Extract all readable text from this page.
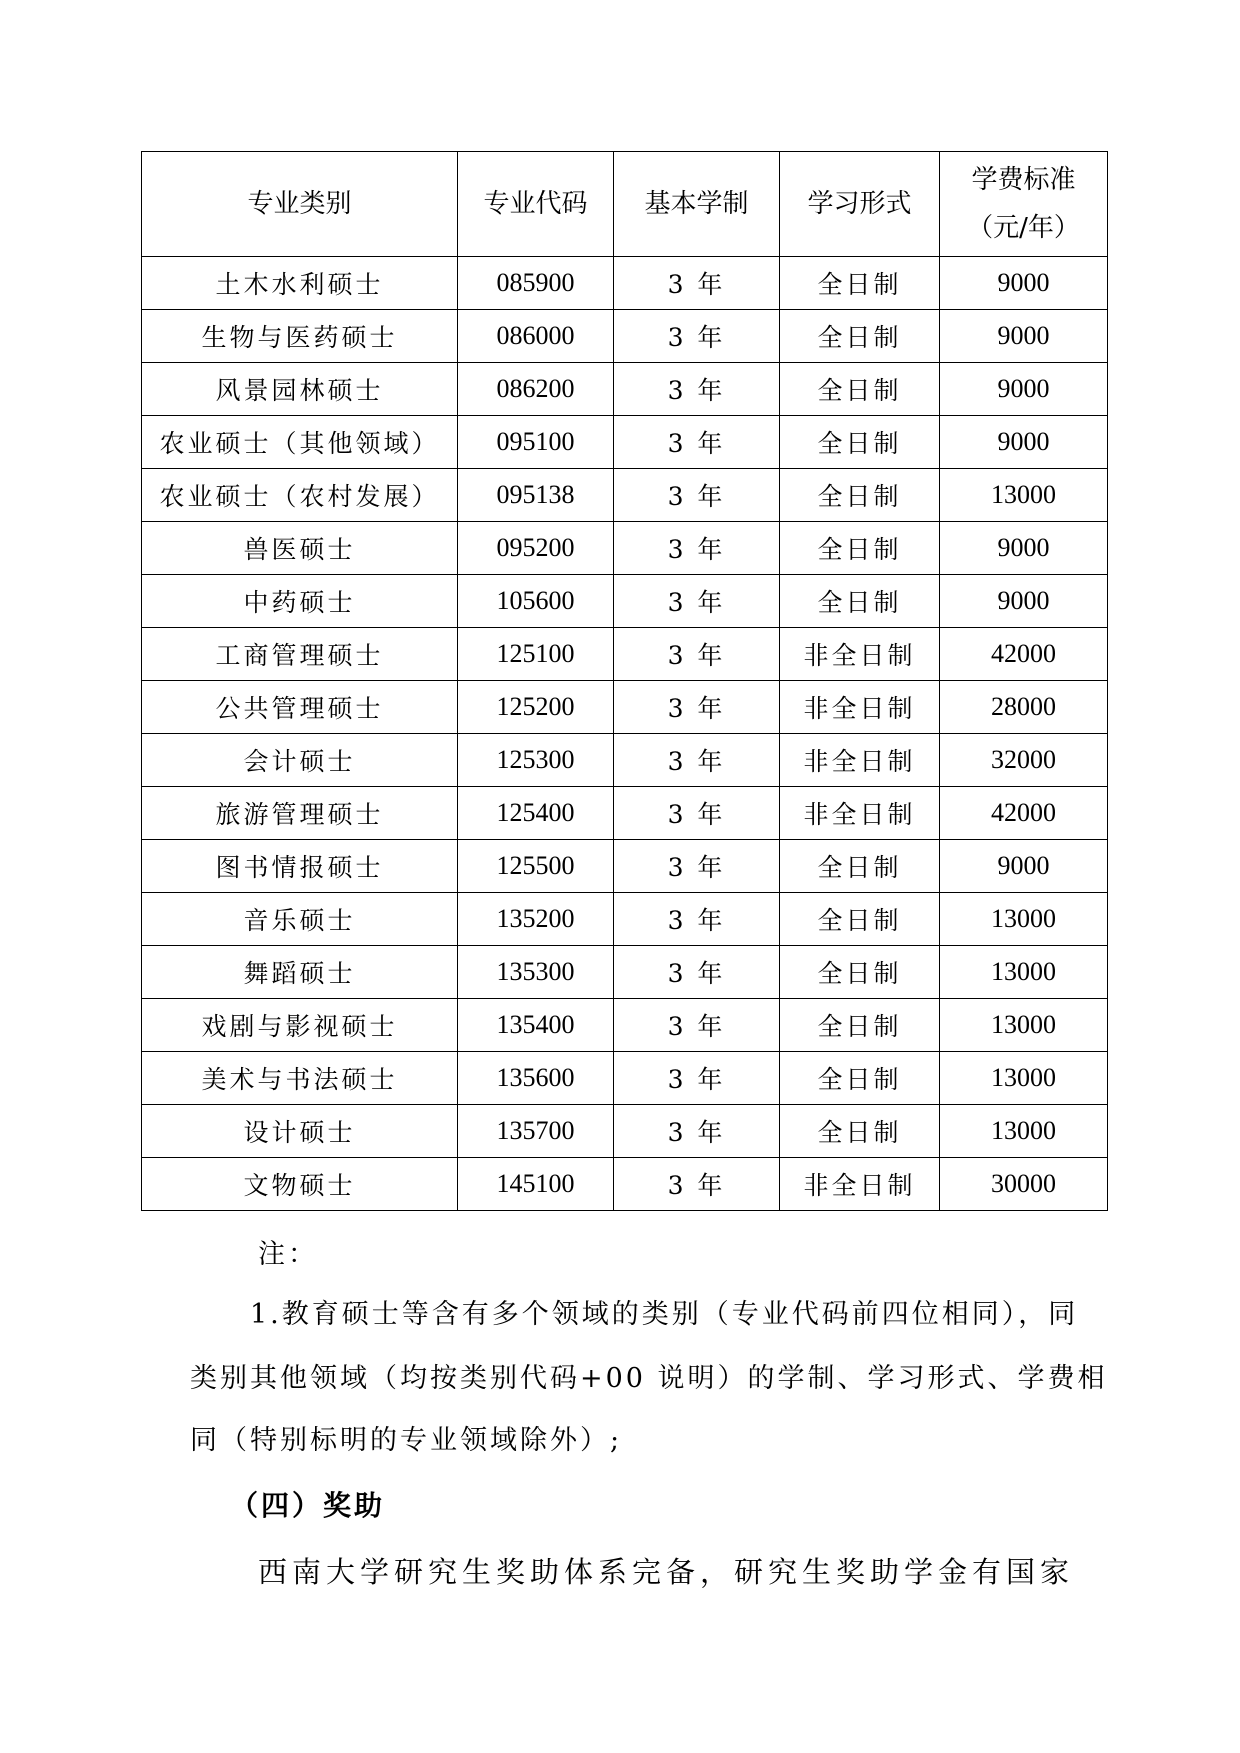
专业类别	专业代码	基本学制	学习形式	学费标准
（元/年）
土木水利硕士	085900	3 年	全日制	9000
生物与医药硕士	086000	3 年	全日制	9000
风景园林硕士	086200	3 年	全日制	9000
农业硕士（其他领域）	095100	3 年	全日制	9000
农业硕士（农村发展）	095138	3 年	全日制	13000
兽医硕士	095200	3 年	全日制	9000
中药硕士	105600	3 年	全日制	9000
工商管理硕士	125100	3 年	非全日制	42000
公共管理硕士	125200	3 年	非全日制	28000
会计硕士	125300	3 年	非全日制	32000
旅游管理硕士	125400	3 年	非全日制	42000
图书情报硕士	125500	3 年	全日制	9000
音乐硕士	135200	3 年	全日制	13000
舞蹈硕士	135300	3 年	全日制	13000
戏剧与影视硕士	135400	3 年	全日制	13000
美术与书法硕士	135600	3 年	全日制	13000
设计硕士	135700	3 年	全日制	13000
文物硕士	145100	3 年	非全日制	30000
注：
1.教育硕士等含有多个领域的类别（专业代码前四位相同），同
类别其他领域（均按类别代码+00 说明）的学制、学习形式、学费相
同（特别标明的专业领域除外）;
（四）奖助
西南大学研究生奖助体系完备，研究生奖助学金有国家
